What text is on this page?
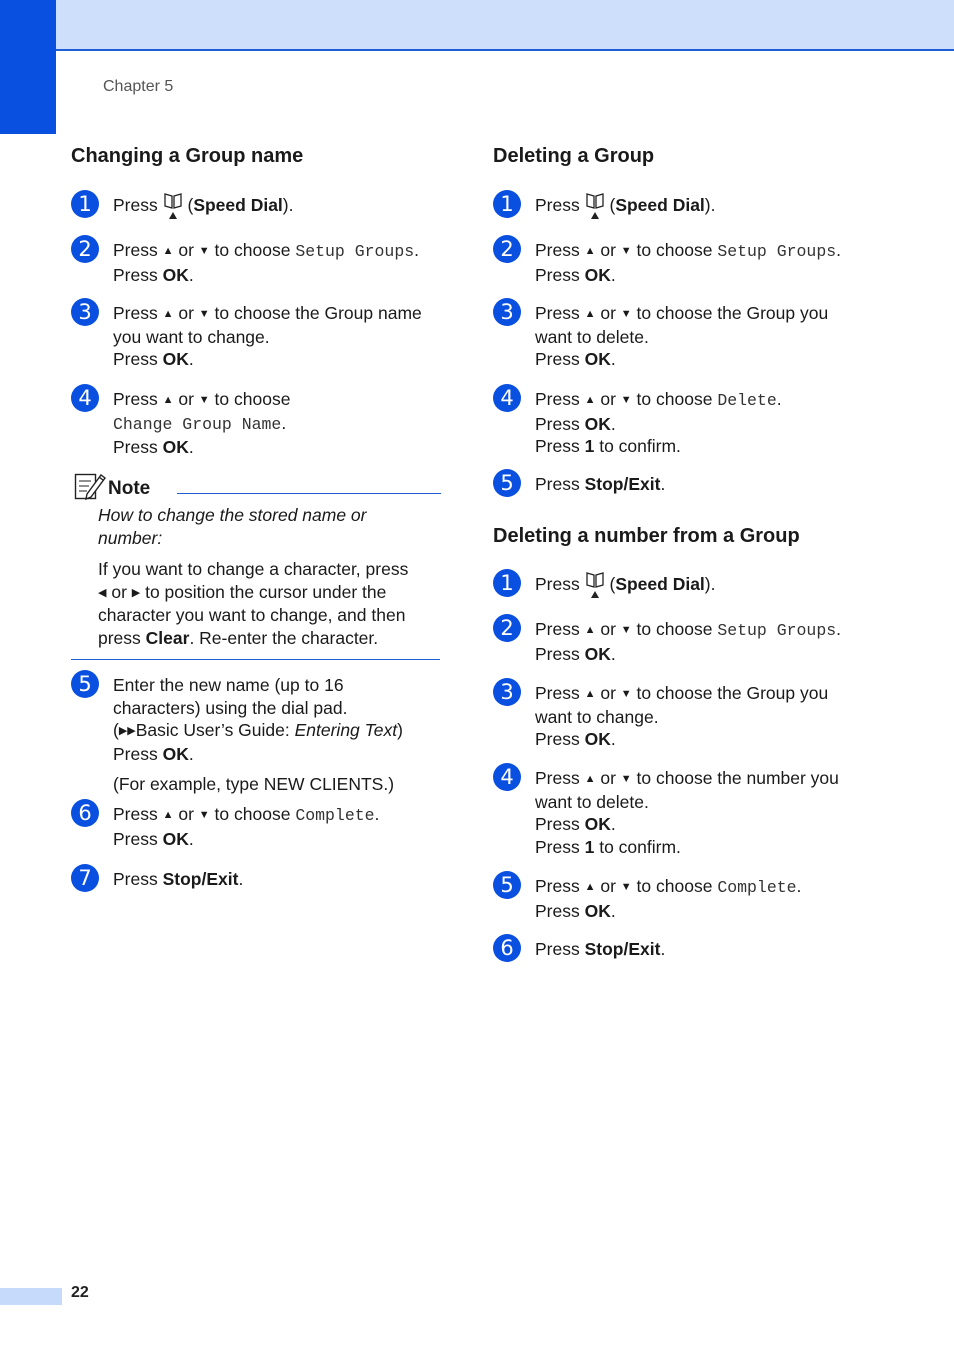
Chapter 5
Changing a Group name
1	Press
(Speed Dial).
2	Press ▲ or ▼ to choose Setup Groups.
Press OK.
3	Press ▲ or ▼ to choose the Group name
you want to change.
Press OK.
4	Press ▲ or ▼ to choose
Change Group Name.
Press OK.
Note

How to change the stored name or number:

If you want to change a character, press
◀ or ▶ to position the cursor under the
character you want to change, and then
press Clear. Re-enter the character.

5	Enter the new name (up to 16
characters) using the dial pad.
(▶▶Basic User’s Guide: Entering Text)
Press OK.
(For example, type NEW CLIENTS.)
6	Press ▲ or ▼ to choose Complete.
Press OK.
7	Press Stop/Exit.
Deleting a Group
1	Press
(Speed Dial).
2	Press ▲ or ▼ to choose Setup Groups.
Press OK.
3	Press ▲ or ▼ to choose the Group you
want to delete.
Press OK.
4	Press ▲ or ▼ to choose Delete.
Press OK.
Press 1 to confirm.
5	Press Stop/Exit.
Deleting a number from a Group
1	Press
(Speed Dial).
2	Press ▲ or ▼ to choose Setup Groups.
Press OK.
3	Press ▲ or ▼ to choose the Group you
want to change.
Press OK.
4	Press ▲ or ▼ to choose the number you
want to delete.
Press OK.
Press 1 to confirm.
5	Press ▲ or ▼ to choose Complete.
Press OK.
6	Press Stop/Exit.
22
